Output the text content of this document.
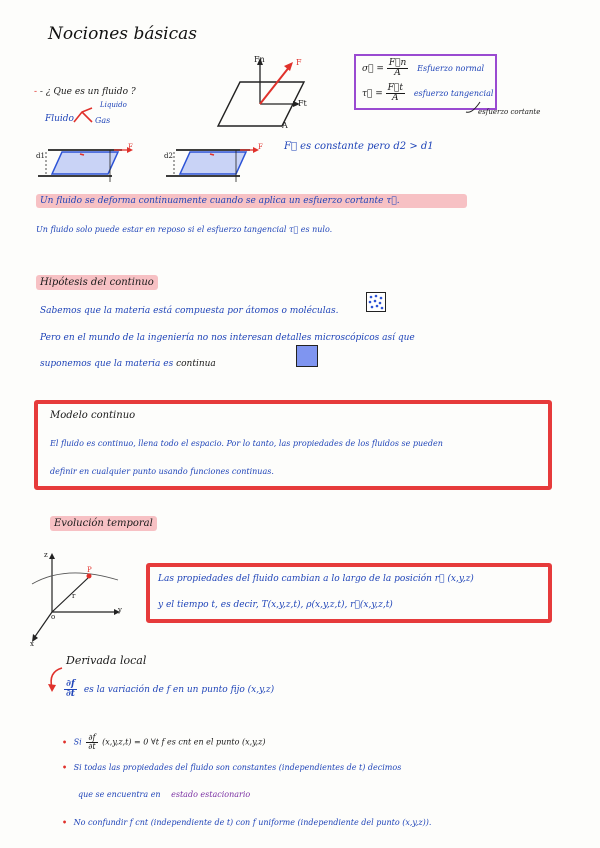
Nociones básicas
- - ¿ Que es un fluido ?
Fluido
Liquido
Gas
Fn	F
Ft
A
σ⃗ = $\frac{F⃗n}{A}$ Esfuerzo normal
τ⃗ = $\frac{F⃗t}{A}$ esfuerzo tangencial
esfuerzo cortante
d1
F
d2
F F⃗ es constante pero d2 > d1
Un fluido se deforma continuamente cuando se aplica un esfuerzo cortante τ⃗.
Un fluido solo puede estar en reposo si el esfuerzo tangencial τ⃗ es nulo.
Hipótesis del continuo
Sabemos que la materia está compuesta por átomos o moléculas.
Pero en el mundo de la ingeniería no nos interesan detalles microscópicos así que
suponemos que la materia es continua
Modelo continuo
El fluido es continuo, llena todo el espacio. Por lo tanto, las propiedades de los fluidos se pueden
definir en cualquier punto usando funciones continuas.
Evolución temporal
z
y
x
o
P
r
Las propiedades del fluido cambian a lo largo de la posición r⃗ (x,y,z)
y el tiempo t, es decir, T(x,y,z,t), ρ(x,y,z,t), r⃗(x,y,z,t)
Derivada local
$\frac{\partial f}{\partial t}$ es la variación de f en un punto fijo (x,y,z)
• Si $\frac{\partial f}{\partial t} (x,y,z,t) = 0$ ∀t f es cnt en el punto (x,y,z)
• Si todas las propiedades del fluido son constantes (independientes de t) decimos
que se encuentra en estado estacionario
• No confundir f cnt (independiente de t) con f uniforme (independiente del punto (x,y,z)).
